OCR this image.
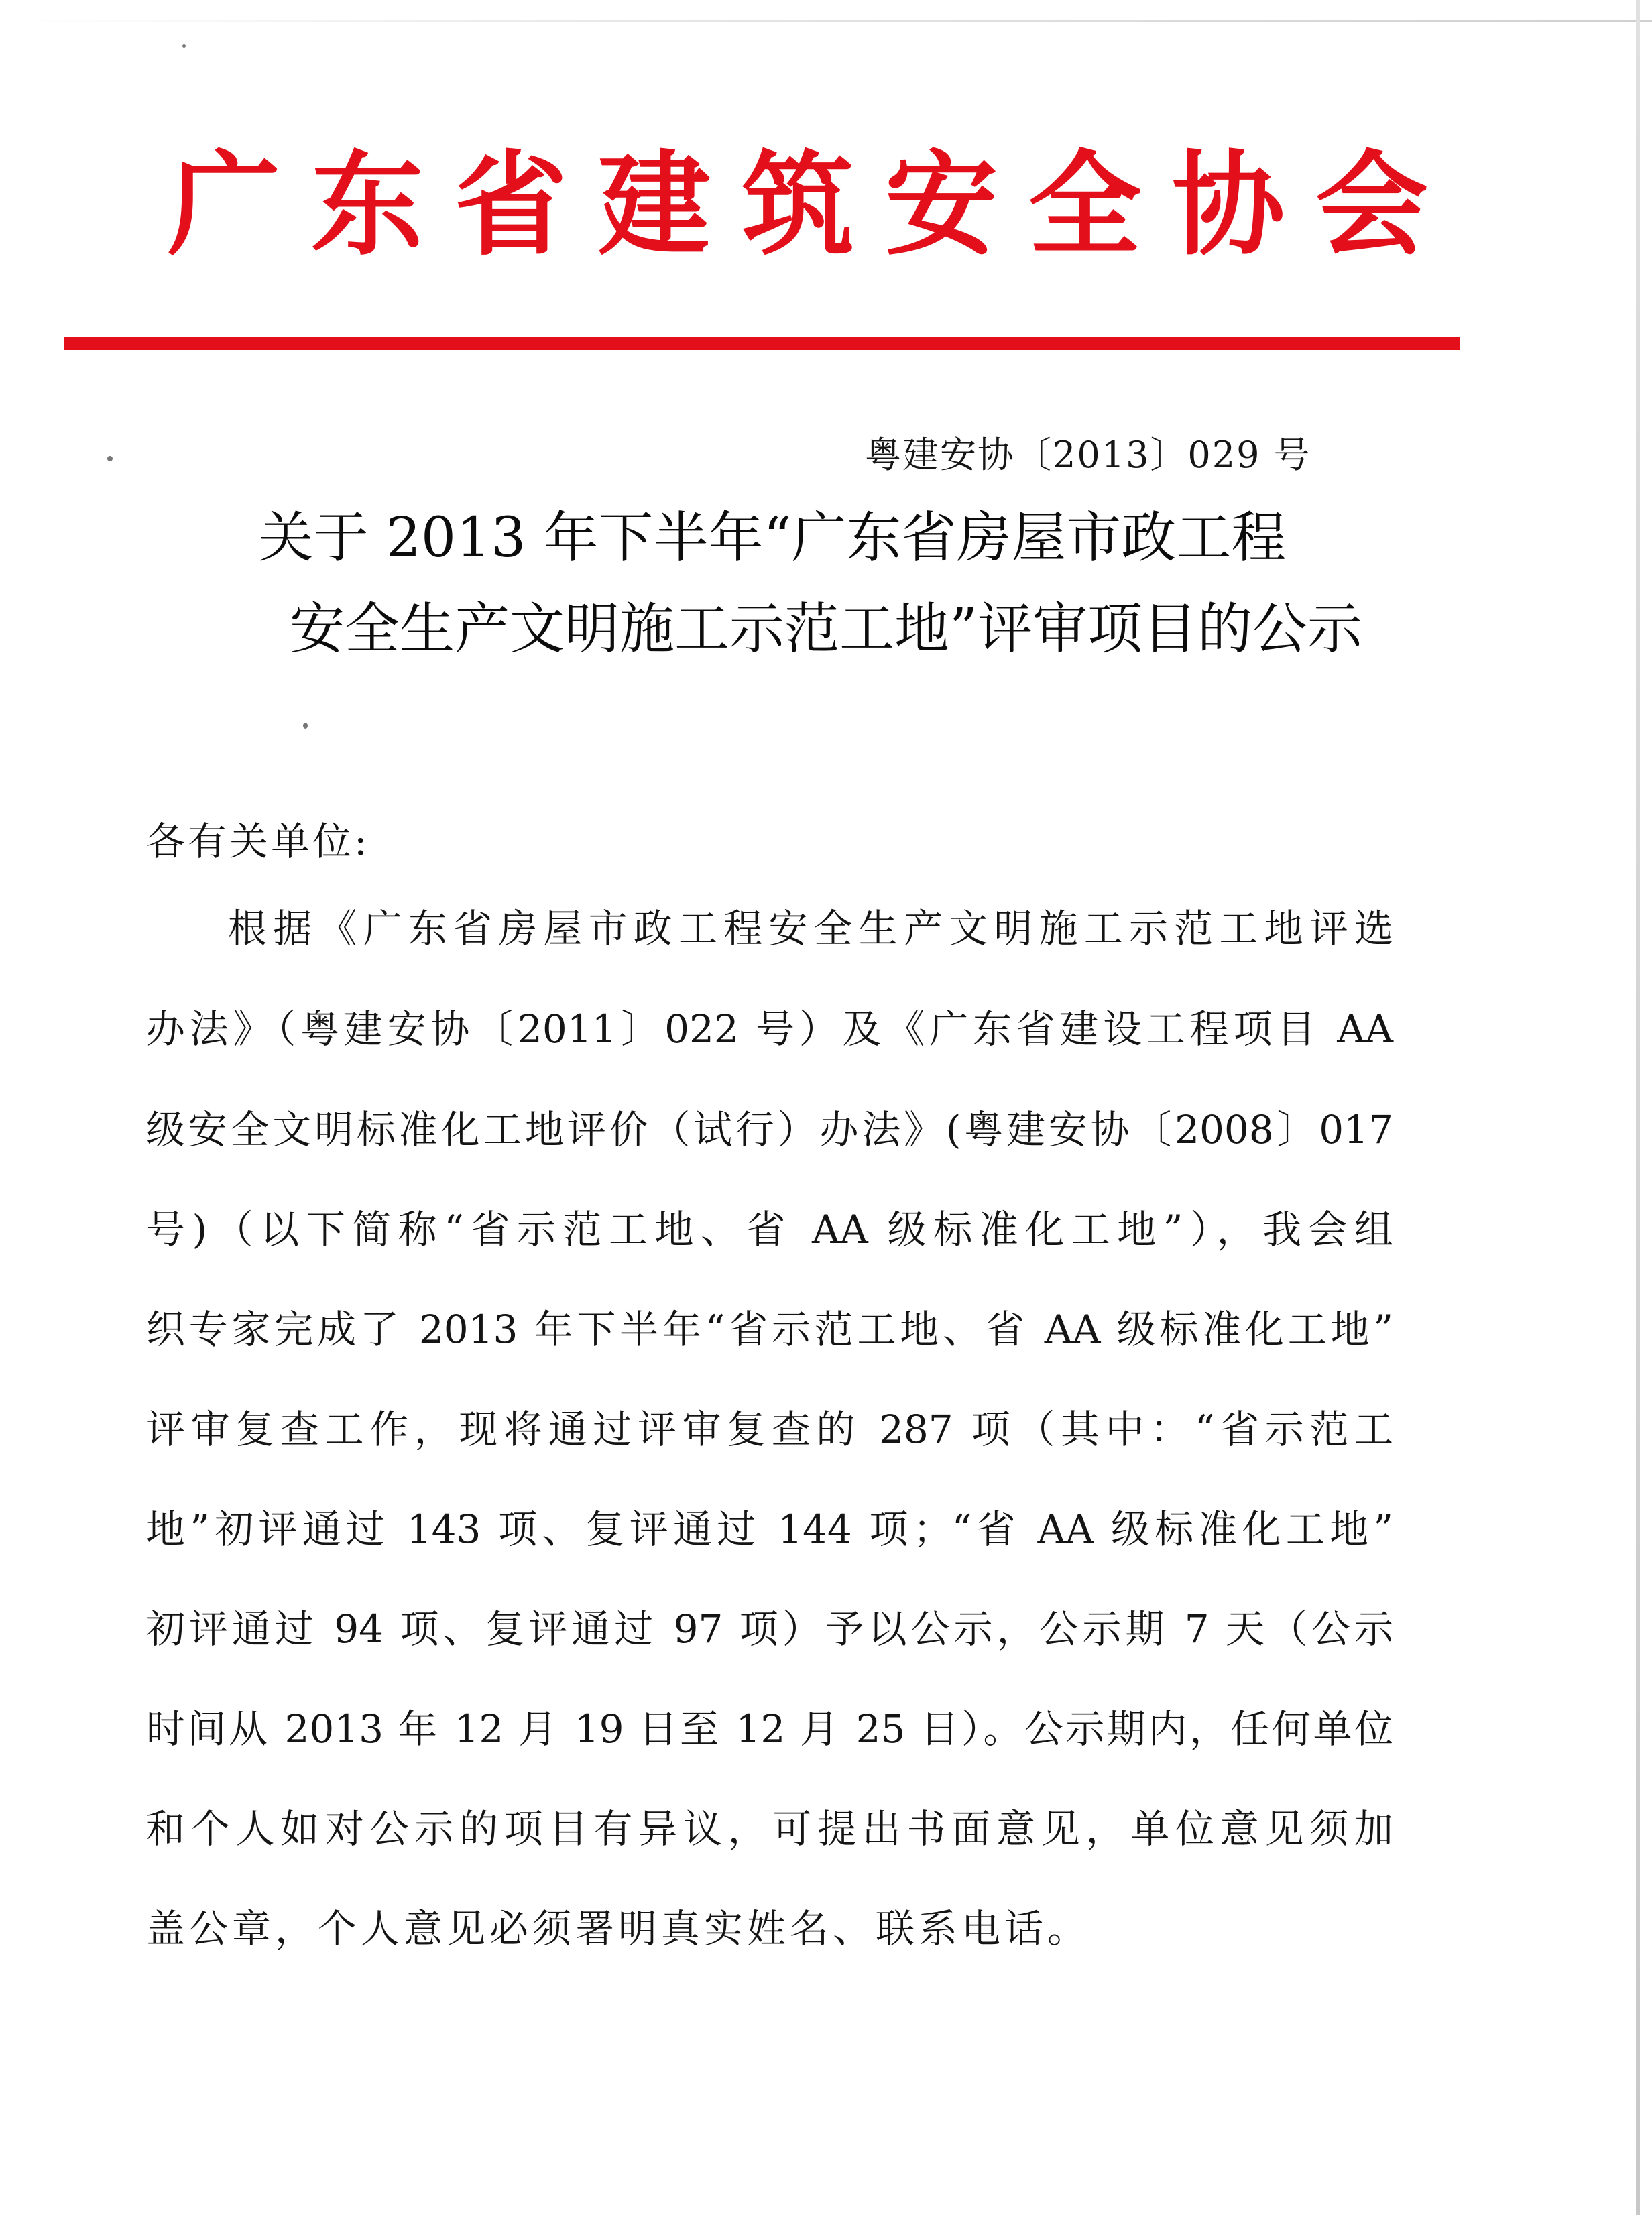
广东省建筑安全协会
粤建安协〔2013〕029 号
关于 2013 年下半年“广东省房屋市政工程
安全生产文明施工示范工地”评审项目的公示
各有关单位:
根据《广东省房屋市政工程安全生产文明施工示范工地评选
办法》（粤建安协〔2011〕022 号）及《广东省建设工程项目 AA
级安全文明标准化工地评价（试行）办法》(粤建安协〔2008〕017
号)（以下简称“省示范工地、省 AA 级标准化工地”），我会组
织专家完成了 2013 年下半年“省示范工地、省 AA 级标准化工地”
评审复查工作，现将通过评审复查的 287 项（其中：“省示范工
地”初评通过 143 项、复评通过 144 项；“省 AA 级标准化工地”
初评通过 94 项、复评通过 97 项）予以公示，公示期 7 天（公示
时间从 2013 年 12 月 19 日至 12 月 25 日）。公示期内，任何单位
和个人如对公示的项目有异议，可提出书面意见，单位意见须加
盖公章，个人意见必须署明真实姓名、联系电话。
